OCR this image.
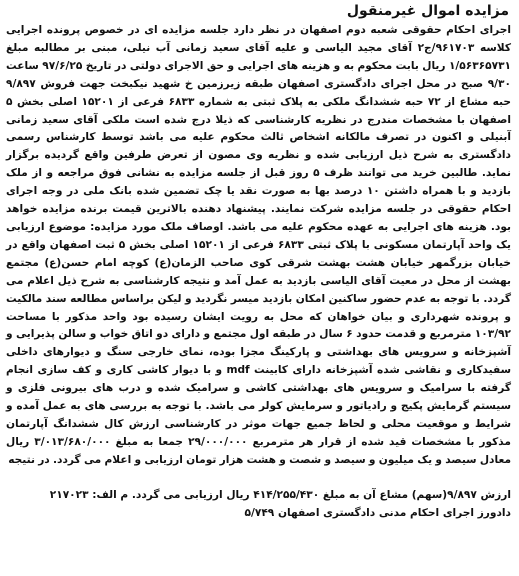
مزایده اموال غیرمنقول

اجرای احکام حقوقی شعبه دوم اصفهان در نظر دارد جلسه مزایده ای در خصوص پرونده اجرایی کلاسه ۹۶۱۷۰۳/ج۲ آقای مجید الیاسی و علیه آقای سعید زمانی آب نیلی، مبنی بر مطالبه مبلغ ۱/۵۶۳۶۵۷۳۱ ریال بابت محکوم به و هزینه های اجرایی و حق الاجرای دولتی در تاریخ ۹۷/۶/۲۵ ساعت ۹/۳۰ صبح در محل اجرای دادگستری اصفهان طبقه زیرزمین خ شهید نیکبخت جهت فروش ۹/۸۹۷ حبه مشاع از ۷۲ حبه ششدانگ ملکی به پلاک ثبتی به شماره ۶۸۳۳ فرعی از ۱۵۲۰۱ اصلی بخش ۵ اصفهان با مشخصات مندرج در نظریه کارشناسی که ذیلا درج شده است ملکی آقای سعید زمانی آبنیلی و اکنون در تصرف مالکانه اشخاص ثالث محکوم علیه می باشد توسط کارشناس رسمی دادگستری به شرح ذیل ارزیابی شده و نظریه وی مصون از تعرض طرفین واقع گردیده برگزار نماید. طالبین خرید می توانند ظرف ۵ روز قبل از جلسه مزایده به نشانی فوق مراجعه و از ملک بازدید و با همراه داشتن ۱۰ درصد بها به صورت نقد یا چک تضمین شده بانک ملی در وجه اجرای احکام حقوقی در جلسه مزایده شرکت نمایند. پیشنهاد دهنده بالاترین قیمت برنده مزایده خواهد بود. هزینه های اجرایی به عهده محکوم علیه می باشد. اوصاف ملک مورد مزایده: موضوع ارزیابی یک واحد آپارتمان مسکونی با پلاک ثبتی ۶۸۳۳ فرعی از ۱۵۲۰۱ اصلی بخش ۵ ثبت اصفهان واقع در خیابان بزرگمهر خیابان هشت بهشت شرقی کوی صاحب الزمان(ع) کوچه امام حسن(ع) مجتمع بهشت از محل در معیت آقای الیاسی بازدید به عمل آمد و نتیجه کارشناسی به شرح ذیل اعلام می گردد. با توجه به عدم حضور ساکنین امکان بازدید میسر نگردید و لیکن براساس مطالعه سند مالکیت و پرونده شهرداری و بیان خواهان که محل به رویت ایشان رسیده بود واحد مذکور با مساحت ۱۰۳/۹۲ مترمربع و قدمت حدود ۶ سال در طبقه اول مجتمع و دارای دو اتاق خواب و سالن پذیرایی و آشپزخانه و سرویس های بهداشتی و پارکینگ مجزا بوده، نمای خارجی سنگ و دیوارهای داخلی سفیدکاری و نقاشی شده آشپزخانه دارای کابینت mdf و با دیوار کاشی کاری و کف سازی انجام گرفته با سرامیک و سرویس های بهداشتی کاشی و سرامیک شده و درب های بیرونی فلزی و سیستم گرمایش پکیج و رادیاتور و سرمایش کولر می باشد. با توجه به بررسی های به عمل آمده و شرایط و موقعیت محلی و لحاظ جمیع جهات موثر در کارشناسی ارزش کال ششدانگ آپارتمان مذکور با مشخصات قید شده از قرار هر مترمربع ۲۹/۰۰۰/۰۰۰ جمعا به مبلغ ۳/۰۱۳/۶۸۰/۰۰۰ ریال معادل سیصد و یک میلیون و سیصد و شصت و هشت هزار تومان ارزیابی و اعلام می گردد. در نتیجه

ارزش ۹/۸۹۷(سهم) مشاع آن به مبلغ ۴۱۴/۲۵۵/۴۳۰ ریال ارزیابی می گردد. م الف: ۲۱۷۰۲۳

دادورز اجرای احکام مدنی دادگستری اصفهان ۵/۷۴۹
